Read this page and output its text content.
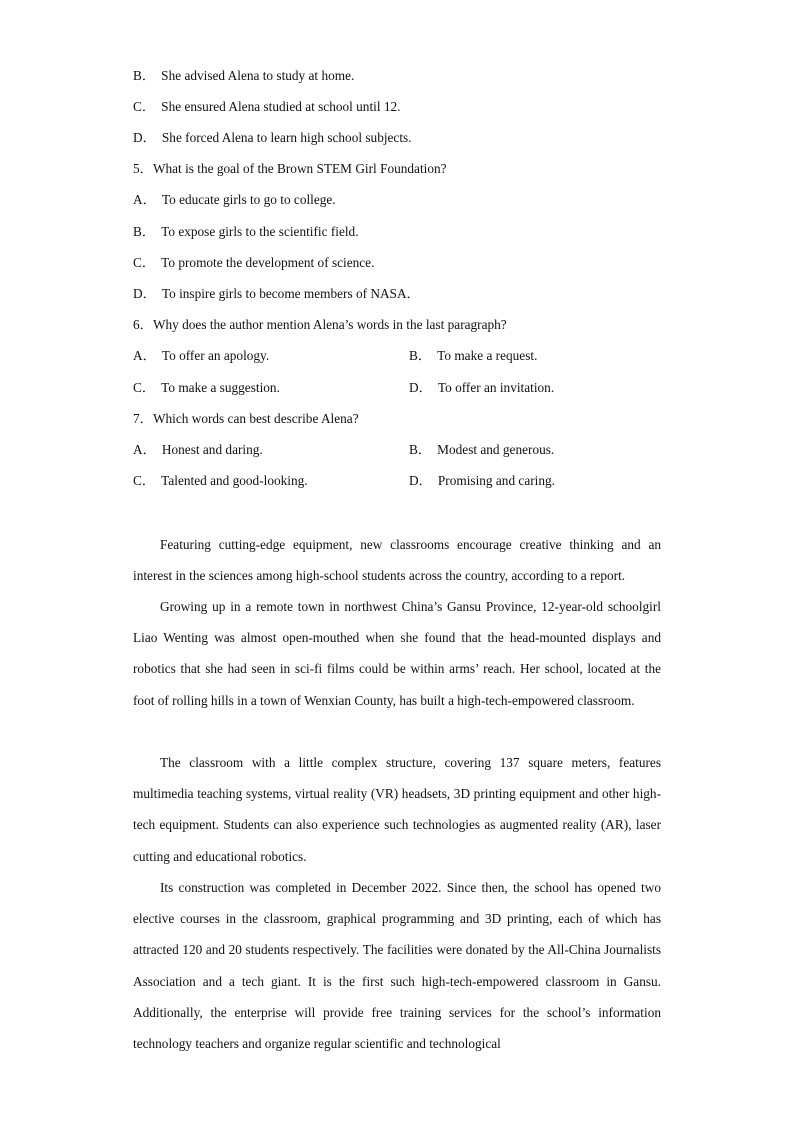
B． She advised Alena to study at home.
C． She ensured Alena studied at school until 12.
D． She forced Alena to learn high school subjects.
5．What is the goal of the Brown STEM Girl Foundation?
A． To educate girls to go to college.
B． To expose girls to the scientific field.
C． To promote the development of science.
D． To inspire girls to become members of NASA．
6．Why does the author mention Alena’s words in the last paragraph?
A． To offer an apology.	B． To make a request.
C． To make a suggestion.	D． To offer an invitation.
7．Which words can best describe Alena?
A． Honest and daring.	B． Modest and generous.
C． Talented and good-looking.	D． Promising and caring.

Featuring cutting-edge equipment, new classrooms encourage creative thinking and an interest in the sciences among high-school students across the country, according to a report.

Growing up in a remote town in northwest China’s Gansu Province, 12-year-old schoolgirl Liao Wenting was almost open-mouthed when she found that the head-mounted displays and robotics that she had seen in sci-fi films could be within arms’ reach. Her school, located at the foot of rolling hills in a town of Wenxian County, has built a high-tech-empowered classroom.

The classroom with a little complex structure, covering 137 square meters, features multimedia teaching systems, virtual reality (VR) headsets, 3D printing equipment and other high-tech equipment. Students can also experience such technologies as augmented reality (AR), laser cutting and educational robotics.

Its construction was completed in December 2022. Since then, the school has opened two elective courses in the classroom, graphical programming and 3D printing, each of which has attracted 120 and 20 students respectively. The facilities were donated by the All-China Journalists Association and a tech giant. It is the first such high-tech-empowered classroom in Gansu. Additionally, the enterprise will provide free training services for the school’s information technology teachers and organize regular scientific and technological
